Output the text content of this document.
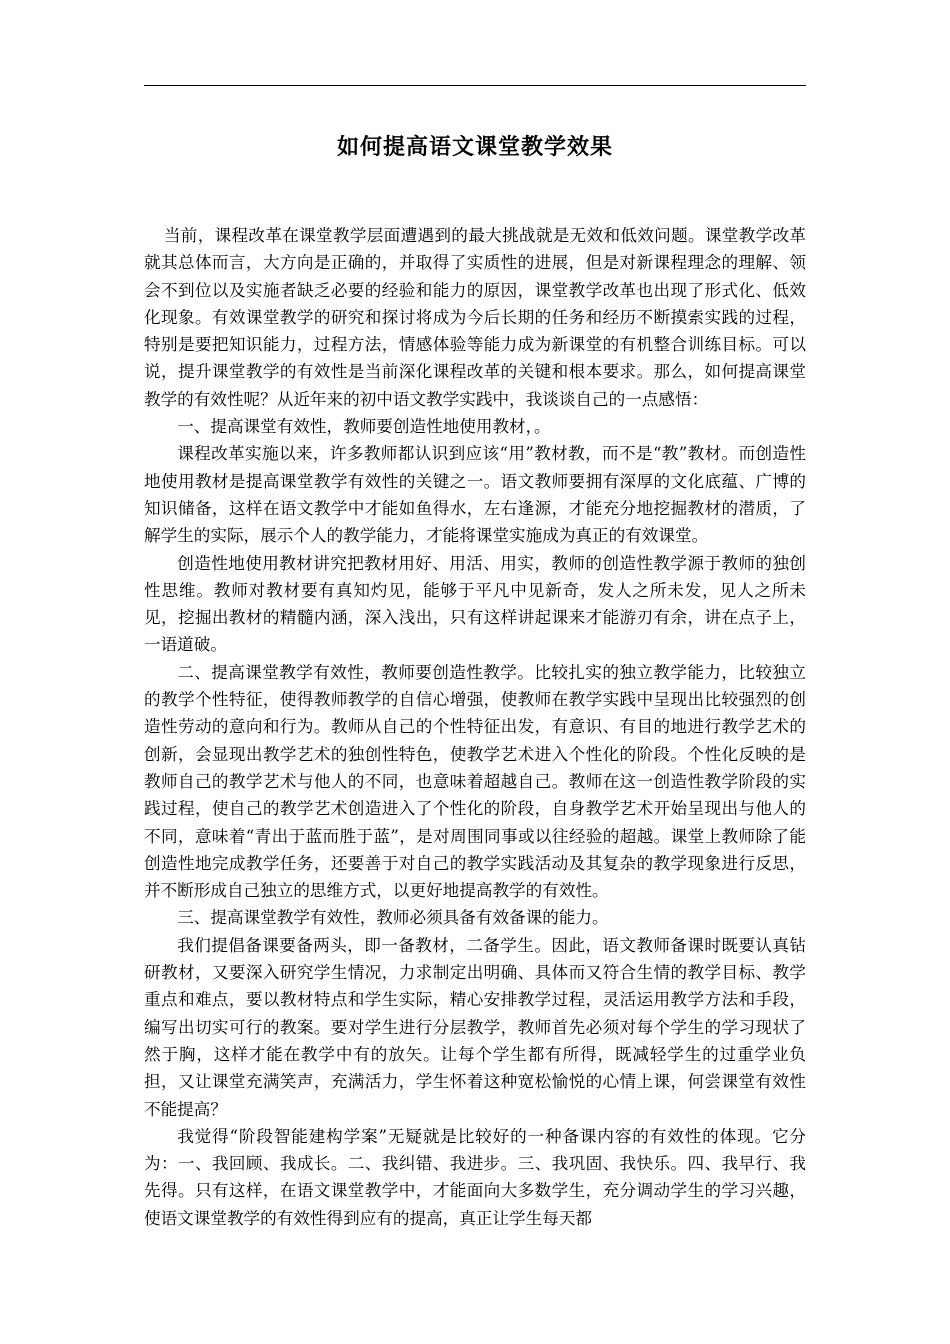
如何提高语文课堂教学效果

当前，课程改革在课堂教学层面遭遇到的最大挑战就是无效和低效问题。课堂教学改革就其总体而言，大方向是正确的，并取得了实质性的进展，但是对新课程理念的理解、领会不到位以及实施者缺乏必要的经验和能力的原因，课堂教学改革也出现了形式化、低效化现象。有效课堂教学的研究和探讨将成为今后长期的任务和经历不断摸索实践的过程，特别是要把知识能力，过程方法，情感体验等能力成为新课堂的有机整合训练目标。可以说，提升课堂教学的有效性是当前深化课程改革的关键和根本要求。那么，如何提高课堂教学的有效性呢？从近年来的初中语文教学实践中，我谈谈自己的一点感悟：

一、提高课堂有效性，教师要创造性地使用教材，。

课程改革实施以来，许多教师都认识到应该“用”教材教，而不是“教”教材。而创造性地使用教材是提高课堂教学有效性的关键之一。语文教师要拥有深厚的文化底蕴、广博的知识储备，这样在语文教学中才能如鱼得水，左右逢源，才能充分地挖掘教材的潜质，了解学生的实际，展示个人的教学能力，才能将课堂实施成为真正的有效课堂。

创造性地使用教材讲究把教材用好、用活、用实，教师的创造性教学源于教师的独创性思维。教师对教材要有真知灼见，能够于平凡中见新奇，发人之所未发，见人之所未见，挖掘出教材的精髓内涵，深入浅出，只有这样讲起课来才能游刃有余，讲在点子上，一语道破。

二、提高课堂教学有效性，教师要创造性教学。比较扎实的独立教学能力，比较独立的教学个性特征，使得教师教学的自信心增强，使教师在教学实践中呈现出比较强烈的创造性劳动的意向和行为。教师从自己的个性特征出发，有意识、有目的地进行教学艺术的创新，会显现出教学艺术的独创性特色，使教学艺术进入个性化的阶段。个性化反映的是教师自己的教学艺术与他人的不同，也意味着超越自己。教师在这一创造性教学阶段的实践过程，使自己的教学艺术创造进入了个性化的阶段，自身教学艺术开始呈现出与他人的不同，意味着“青出于蓝而胜于蓝”，是对周围同事或以往经验的超越。课堂上教师除了能创造性地完成教学任务，还要善于对自己的教学实践活动及其复杂的教学现象进行反思，并不断形成自己独立的思维方式，以更好地提高教学的有效性。

三、提高课堂教学有效性，教师必须具备有效备课的能力。

我们提倡备课要备两头，即一备教材，二备学生。因此，语文教师备课时既要认真钻研教材，又要深入研究学生情况，力求制定出明确、具体而又符合生情的教学目标、教学重点和难点，要以教材特点和学生实际，精心安排教学过程，灵活运用教学方法和手段，编写出切实可行的教案。要对学生进行分层教学，教师首先必须对每个学生的学习现状了然于胸，这样才能在教学中有的放矢。让每个学生都有所得，既减轻学生的过重学业负担，又让课堂充满笑声，充满活力，学生怀着这种宽松愉悦的心情上课，何尝课堂有效性不能提高？

我觉得“阶段智能建构学案”无疑就是比较好的一种备课内容的有效性的体现。它分为：一、我回顾、我成长。二、我纠错、我进步。三、我巩固、我快乐。四、我早行、我先得。只有这样，在语文课堂教学中，才能面向大多数学生，充分调动学生的学习兴趣，使语文课堂教学的有效性得到应有的提高，真正让学生每天都
